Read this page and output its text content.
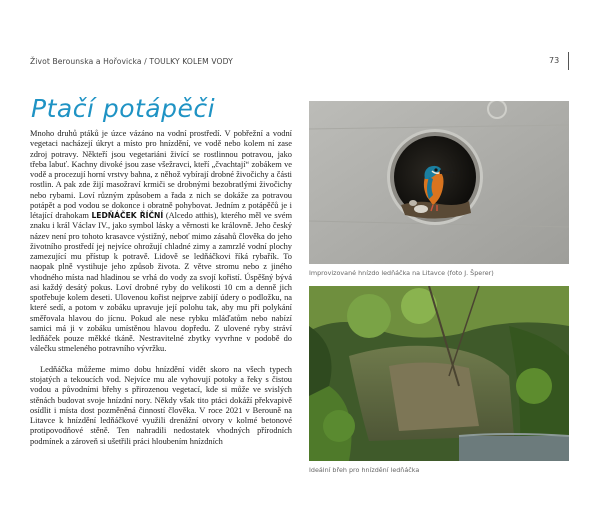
Život Berounska a Hořovicka / TOULKY KOLEM VODY	73
Ptačí potápěči

Mnoho druhů ptáků je úzce vázáno na vodní prostředí. V pobřežní a vodní vegetaci nacházejí úkryt a místo pro hnízdění, ve vodě nebo kolem ní zase zdroj potravy. Někteří jsou vegetariáni živící se rostlinnou potravou, jako třeba labuť. Kachny divoké jsou zase všežravci, kteří „čvachtají“ zobákem ve vodě a procezují horní vrstvy bahna, z něhož vybírají drobné živočichy a části rostlin. A pak zde žijí masožraví krmiči se drobnými bezobratlými živočichy nebo rybami. Loví různým způsobem a řada z nich se dokáže za potravou potápět a pod vodou se dokonce i obratně pohybovat. Jedním z potápěčů je i létající drahokam LEDŇÁČEK ŘÍČNÍ (Alcedo atthis), kterého měl ve svém znaku i král Václav IV., jako symbol lásky a věrnosti ke královně. Jeho český název není pro tohoto krasavce výstižný, neboť mimo zásahů člověka do jeho životního prostředí jej nejvíce ohrožují chladné zimy a zamrzlé vodní plochy zamezující mu přístup k potravě. Lidově se ledňáčkovi říká rybařík. To naopak plně vystihuje jeho způsob života. Z větve stromu nebo z jiného vhodného místa nad hladinou se vrhá do vody za svojí kořistí. Úspěšný bývá asi každý desátý pokus. Loví drobné ryby do velikosti 10 cm a denně jich spotřebuje kolem deseti. Ulovenou kořist nejprve zabijí údery o podložku, na které sedí, a potom v zobáku upravuje její polohu tak, aby mu při polykání směřovala hlavou do jícnu. Pokud ale nese rybku mláďatům nebo nabízí samici má ji v zobáku umístěnou hlavou dopředu. Z ulovené ryby stráví ledňáček pouze měkké tkáně. Nestravitelné zbytky vyvrhne v podobě do válečku stmeleného potravního vývržku.

Ledňáčka můžeme mimo dobu hnízdění vidět skoro na všech typech stojatých a tekoucích vod. Nejvíce mu ale vyhovují potoky a řeky s čistou vodou a původními břehy s přirozenou vegetací, kde si může ve svislých stěnách budovat svoje hnízdní nory. Někdy však tito ptáci dokáží překvapivě osídlit i místa dost pozměněná činností člověka. V roce 2021 v Berouně na Litavce k hnízdění ledňáčkové využili drenážní otvory v kolmé betonové protipovodňové stěně. Ten nahradili nedostatek vhodných přírodních podmínek a zároveň si ušetřili práci hloubením hnízdních

Improvizované hnízdo ledňáčka na Litavce (foto J. Šperer)
Ideální břeh pro hnízdění ledňáčka
